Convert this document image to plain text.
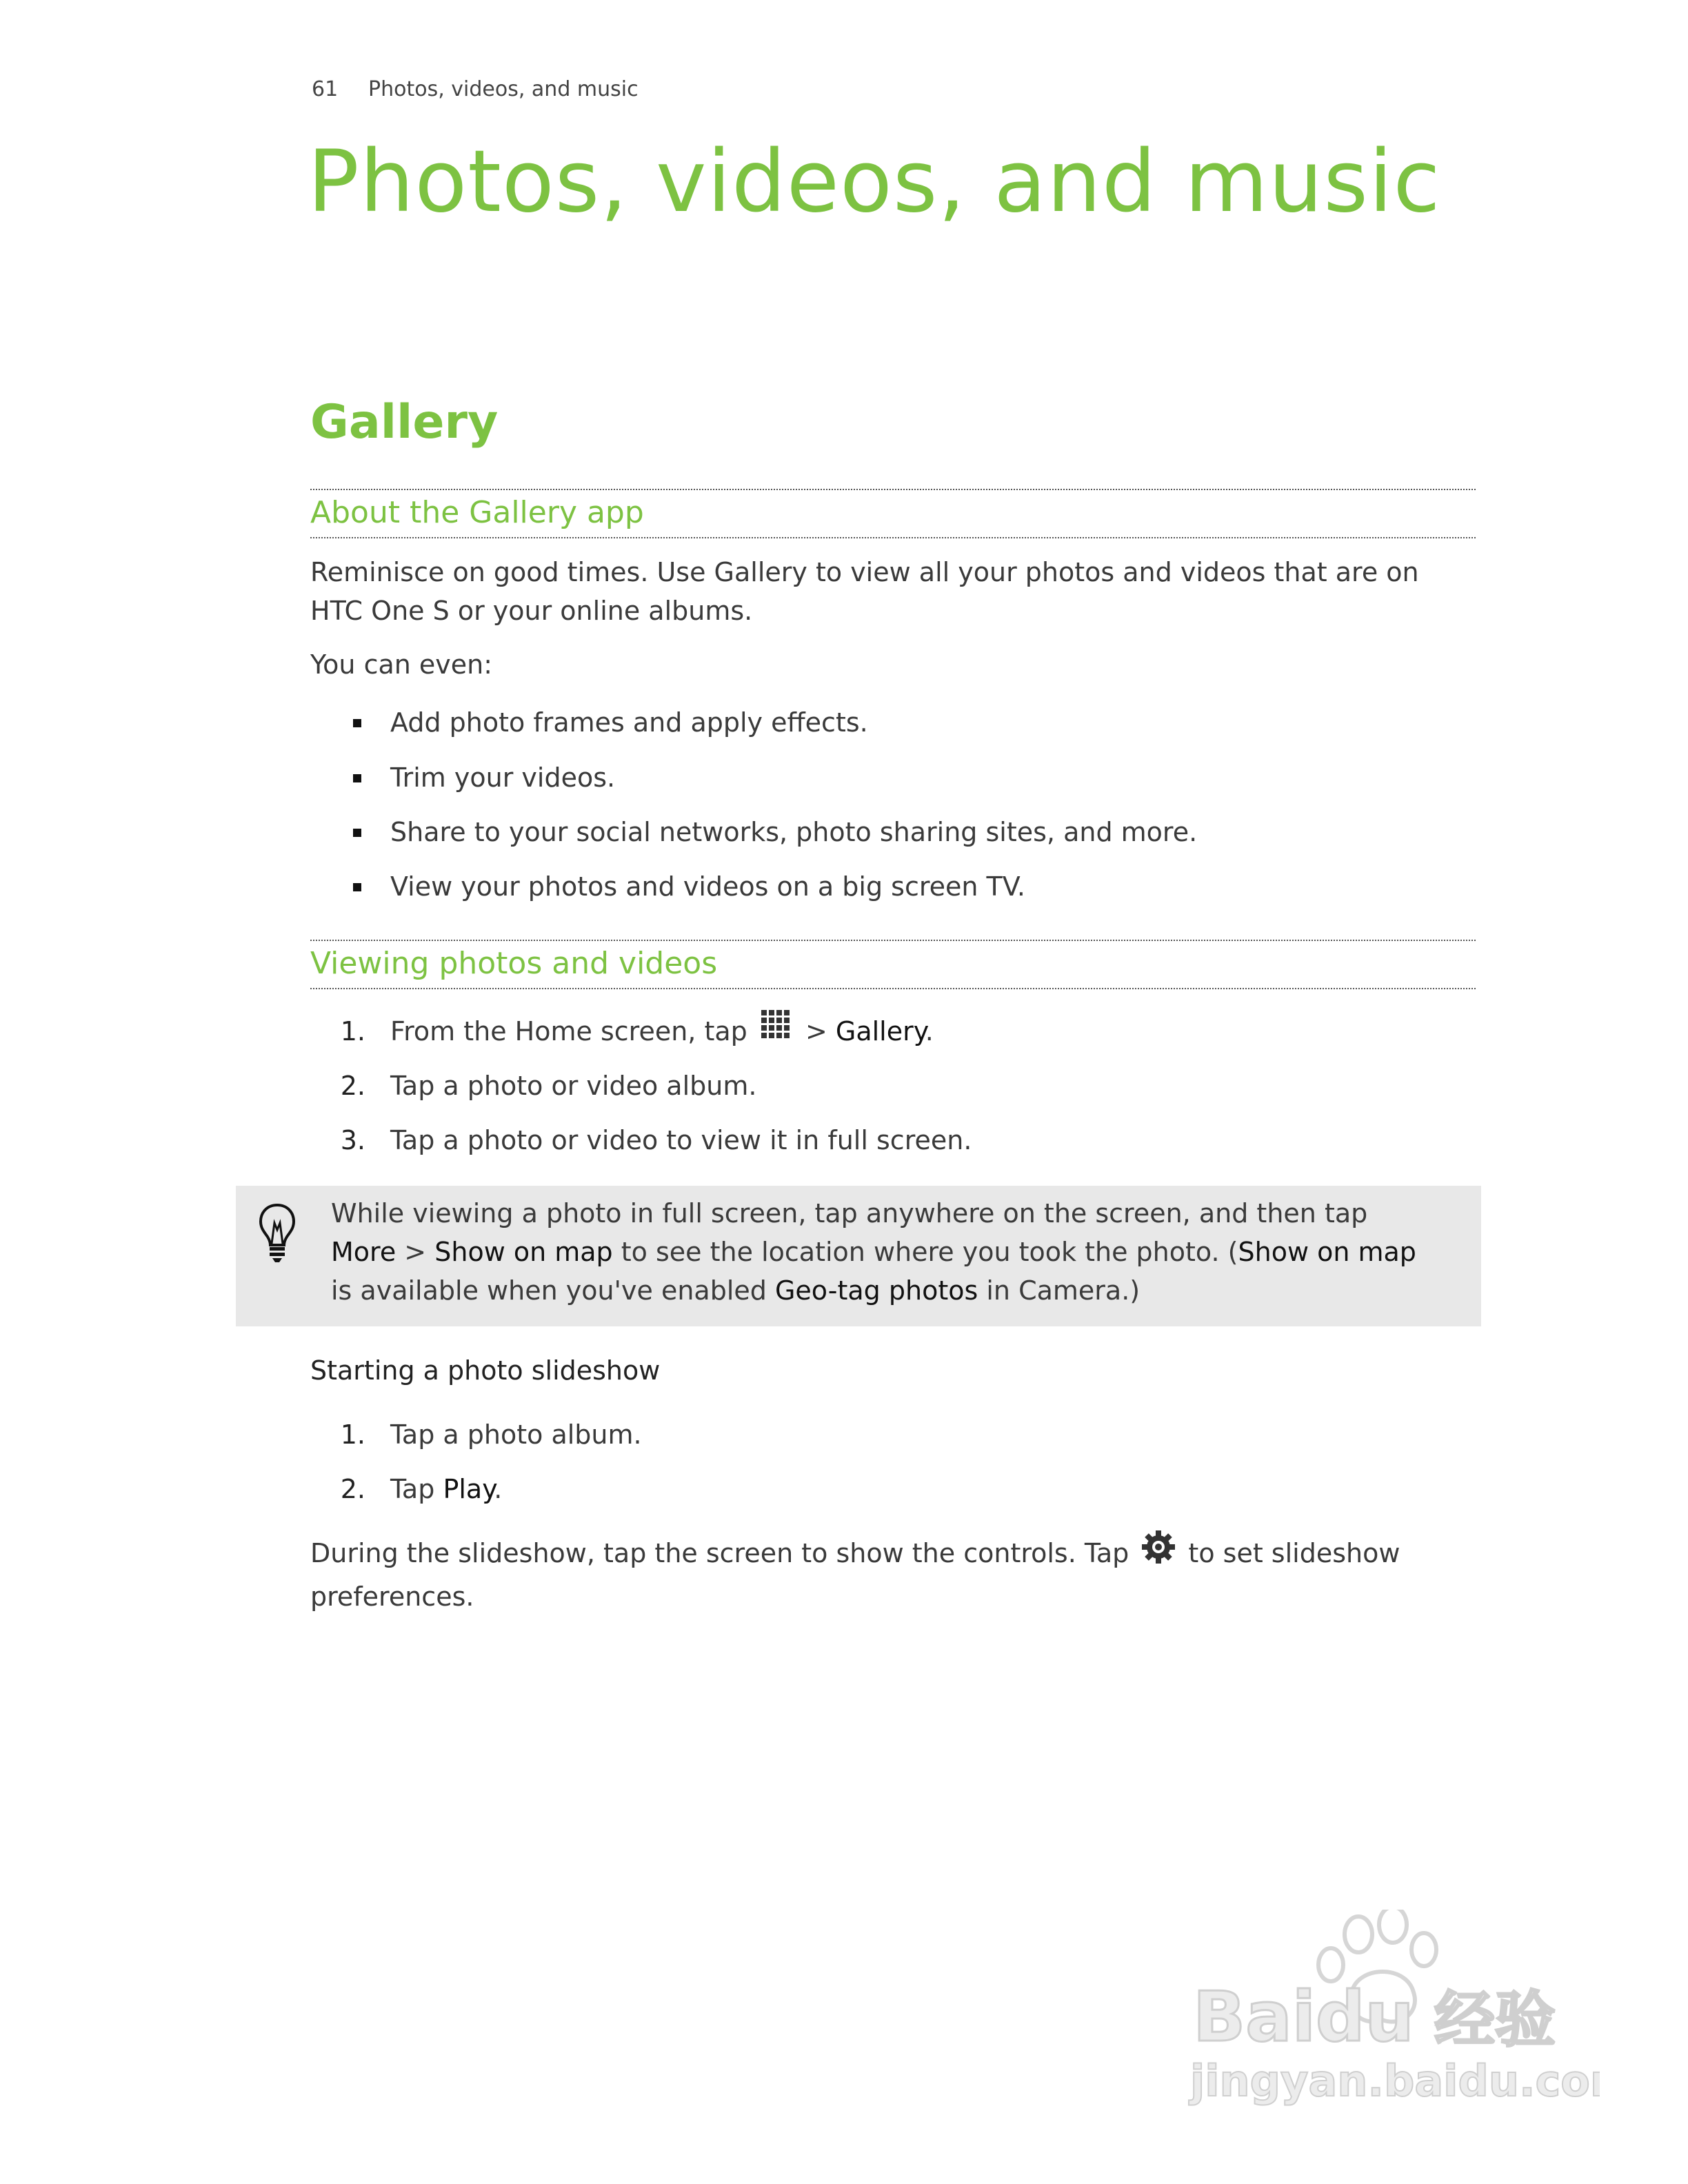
61 Photos, videos, and music
Photos, videos, and music
Gallery
About the Gallery app
Reminisce on good times. Use Gallery to view all your photos and videos that are on
HTC One S or your online albums.
You can even:
Add photo frames and apply effects.
Trim your videos.
Share to your social networks, photo sharing sites, and more.
View your photos and videos on a big screen TV.
Viewing photos and videos
1. From the Home screen, tap > Gallery.
2. Tap a photo or video album.
3. Tap a photo or video to view it in full screen.
While viewing a photo in full screen, tap anywhere on the screen, and then tap
More > Show on map to see the location where you took the photo. (Show on map
is available when you've enabled Geo-tag photos in Camera.)
Starting a photo slideshow
1. Tap a photo album.
2. Tap Play.
During the slideshow, tap the screen to show the controls. Tap to set slideshow
preferences.
Baidu 经验
jingyan.baidu.com
